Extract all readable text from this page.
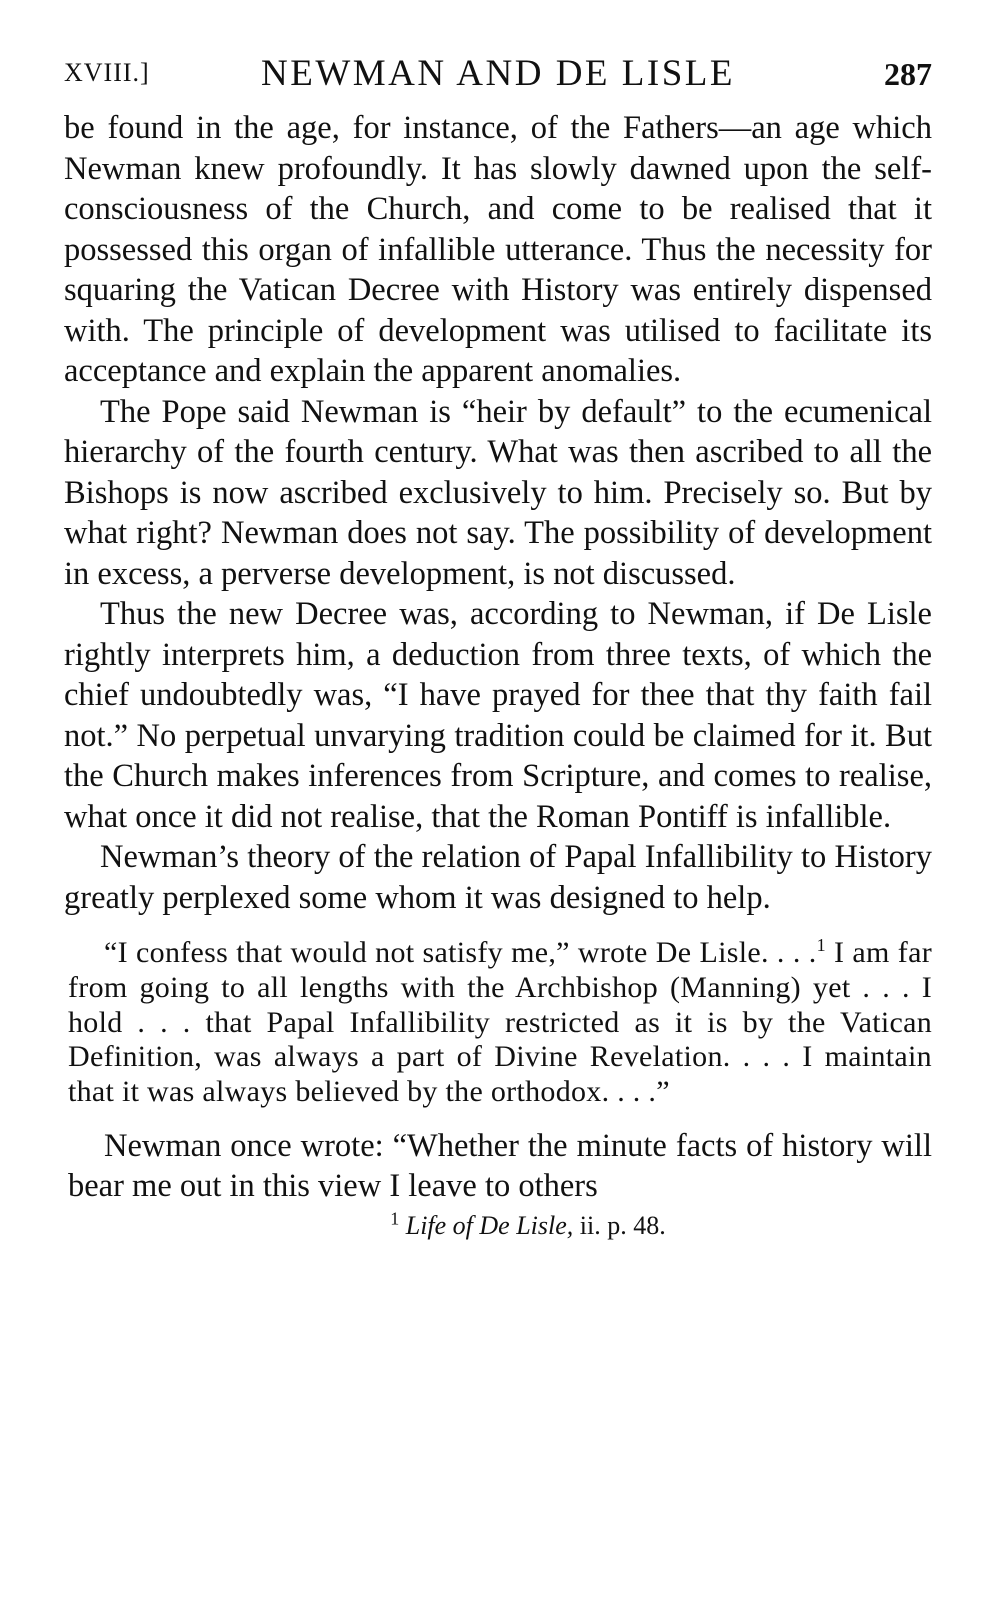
XVIII.]	NEWMAN AND DE LISLE	287

be found in the age, for instance, of the Fathers—an age which Newman knew profoundly. It has slowly dawned upon the self-consciousness of the Church, and come to be realised that it possessed this organ of infallible utterance. Thus the necessity for squaring the Vatican Decree with History was entirely dispensed with. The principle of development was utilised to facilitate its acceptance and explain the apparent anomalies.

The Pope said Newman is “heir by default” to the ecumenical hierarchy of the fourth century. What was then ascribed to all the Bishops is now ascribed exclusively to him. Precisely so. But by what right? Newman does not say. The possibility of development in excess, a perverse development, is not discussed.

Thus the new Decree was, according to Newman, if De Lisle rightly interprets him, a deduction from three texts, of which the chief undoubtedly was, “I have prayed for thee that thy faith fail not.” No perpetual unvarying tradition could be claimed for it. But the Church makes inferences from Scripture, and comes to realise, what once it did not realise, that the Roman Pontiff is infallible.

Newman’s theory of the relation of Papal Infallibility to History greatly perplexed some whom it was designed to help.

“I confess that would not satisfy me,” wrote De Lisle. . . .$^1$ I am far from going to all lengths with the Archbishop (Manning) yet . . . I hold . . . that Papal Infallibility restricted as it is by the Vatican Definition, was always a part of Divine Revelation. . . . I maintain that it was always believed by the orthodox. . . .”

Newman once wrote: “Whether the minute facts of history will bear me out in this view I leave to others

$^1$ Life of De Lisle, ii. p. 48.
